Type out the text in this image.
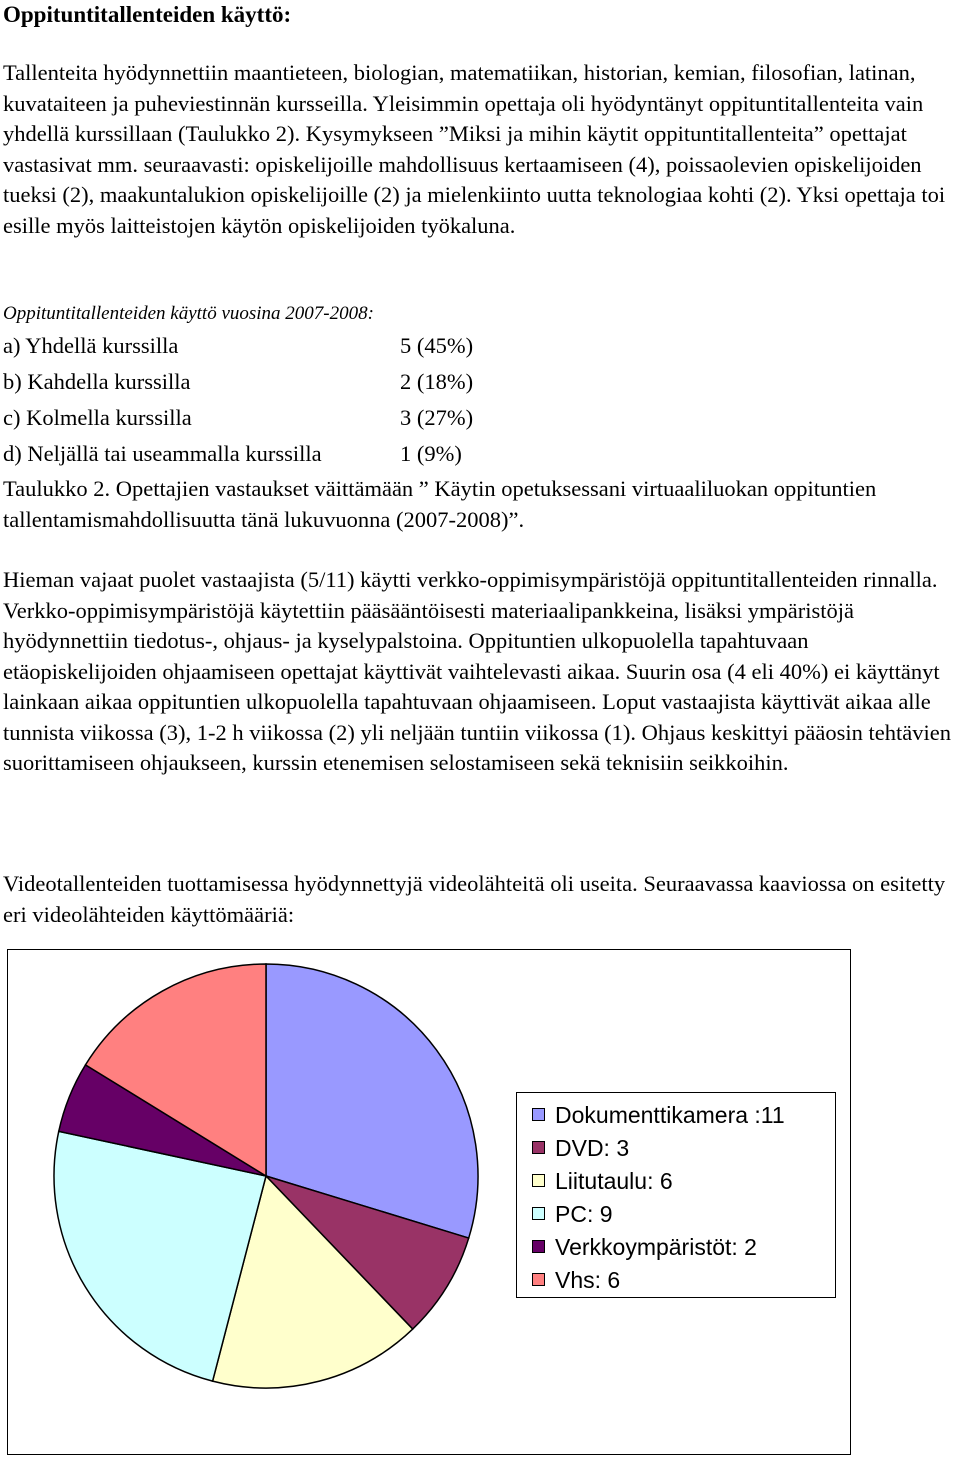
Oppituntitallenteiden käyttö:

Tallenteita hyödynnettiin maantieteen, biologian, matematiikan, historian, kemian, filosofian, latinan, kuvataiteen ja puheviestinnän kursseilla. Yleisimmin opettaja oli hyödyntänyt oppituntitallenteita vain yhdellä kurssillaan (Taulukko 2). Kysymykseen ”Miksi ja mihin käytit oppituntitallenteita” opettajat vastasivat mm. seuraavasti: opiskelijoille mahdollisuus kertaamiseen (4), poissaolevien opiskelijoiden tueksi (2), maakuntalukion opiskelijoille (2) ja mielenkiinto uutta teknologiaa kohti (2). Yksi opettaja toi esille myös laitteistojen käytön opiskelijoiden työkaluna.

Oppituntitallenteiden käyttö vuosina 2007-2008:
a) Yhdellä kurssilla	5 (45%)
b) Kahdella kurssilla	2 (18%)
c) Kolmella kurssilla	3 (27%)
d) Neljällä tai useammalla kurssilla	1 (9%)

Taulukko 2. Opettajien vastaukset väittämään ” Käytin opetuksessani virtuaaliluokan oppituntien tallentamismahdollisuutta tänä lukuvuonna (2007-2008)”.

Hieman vajaat puolet vastaajista (5/11) käytti verkko-oppimisympäristöjä oppituntitallenteiden rinnalla. Verkko-oppimisympäristöjä käytettiin pääsääntöisesti materiaalipankkeina, lisäksi ympäristöjä hyödynnettiin tiedotus-, ohjaus- ja kyselypalstoina. Oppituntien ulkopuolella tapahtuvaan etäopiskelijoiden ohjaamiseen opettajat käyttivät vaihtelevasti aikaa. Suurin osa (4 eli 40%) ei käyttänyt lainkaan aikaa oppituntien ulkopuolella tapahtuvaan ohjaamiseen. Loput vastaajista käyttivät aikaa alle tunnista viikossa (3), 1-2 h viikossa (2) yli neljään tuntiin viikossa (1). Ohjaus keskittyi pääosin tehtävien suorittamiseen ohjaukseen, kurssin etenemisen selostamiseen sekä teknisiin seikkoihin.

Videotallenteiden tuottamisessa hyödynnettyjä videolähteitä oli useita. Seuraavassa kaaviossa on esitetty eri videolähteiden käyttömääriä:

Dokumenttikamera :11
DVD: 3
Liitutaulu: 6
PC: 9
Verkkoympäristöt: 2
Vhs: 6
